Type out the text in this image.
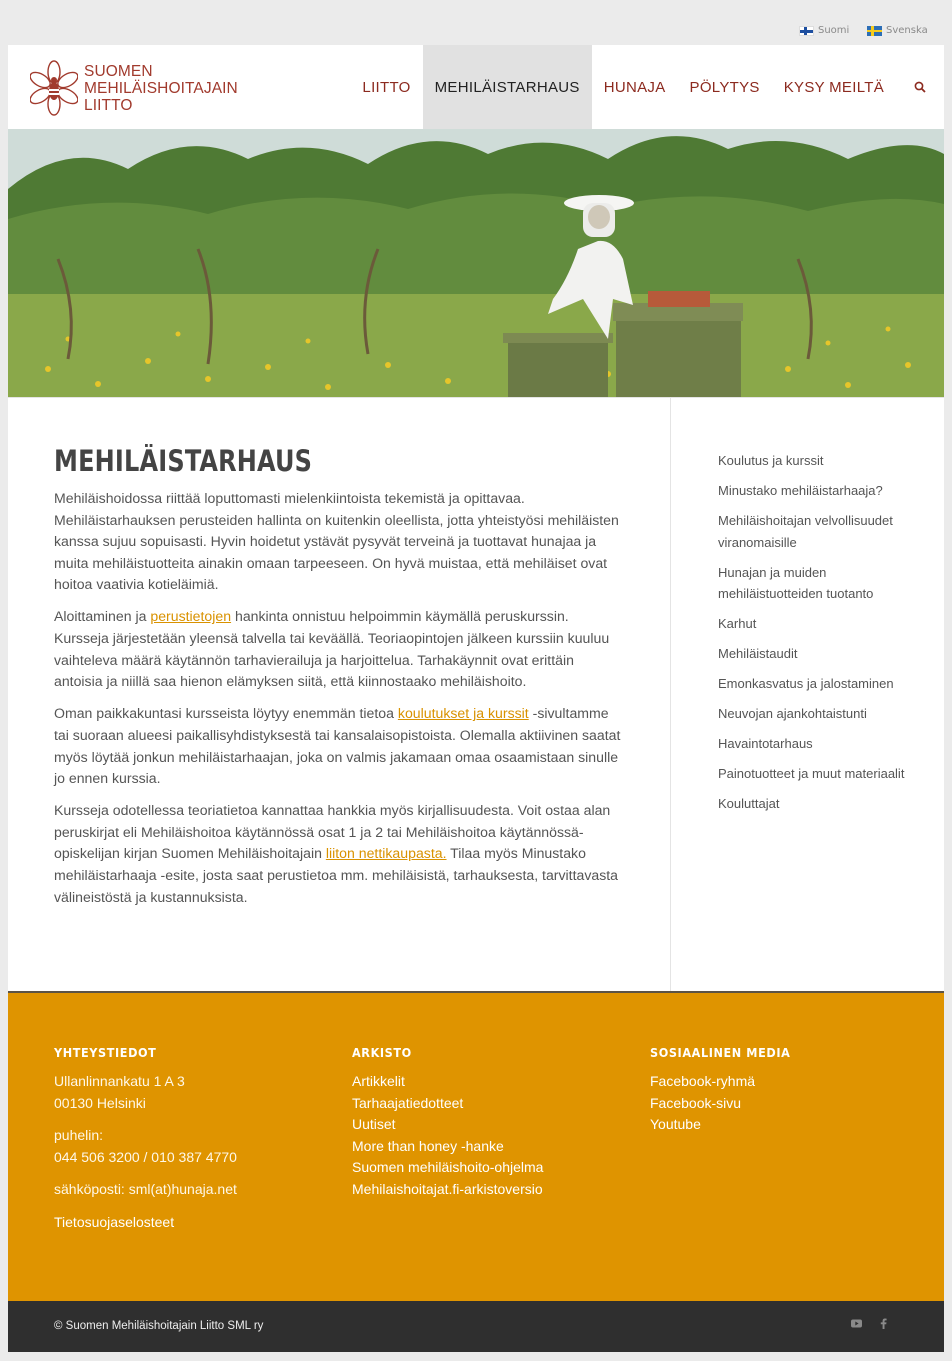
Suomi	Svenska
SUOMEN
MEHILÄISHOITAJAIN
LIITTO
LIITTO	MEHILÄISTARHAUS	HUNAJA	PÖLYTYS	KYSY MEILTÄ
MEHILÄISTARHAUS

Mehiläishoidossa riittää loputtomasti mielenkiintoista tekemistä ja opittavaa. Mehiläistarhauksen perusteiden hallinta on kuitenkin oleellista, jotta yhteistyösi mehiläisten kanssa sujuu sopuisasti. Hyvin hoidetut ystävät pysyvät terveinä ja tuottavat hunajaa ja muita mehiläistuotteita ainakin omaan tarpeeseen. On hyvä muistaa, että mehiläiset ovat hoitoa vaativia kotieläimiä.

Aloittaminen ja perustietojen hankinta onnistuu helpoimmin käymällä peruskurssin. Kursseja järjestetään yleensä talvella tai keväällä. Teoriaopintojen jälkeen kurssiin kuuluu vaihteleva määrä käytännön tarhavierailuja ja harjoittelua. Tarhakäynnit ovat erittäin antoisia ja niillä saa hienon elämyksen siitä, että kiinnostaako mehiläishoito.

Oman paikkakuntasi kursseista löytyy enemmän tietoa koulutukset ja kurssit -sivultamme tai suoraan alueesi paikallisyhdistyksestä tai kansalaisopistoista. Olemalla aktiivinen saatat myös löytää jonkun mehiläistarhaajan, joka on valmis jakamaan omaa osaamistaan sinulle jo ennen kurssia.

Kursseja odotellessa teoriatietoa kannattaa hankkia myös kirjallisuudesta. Voit ostaa alan peruskirjat eli Mehiläishoitoa käytännössä osat 1 ja 2 tai Mehiläishoitoa käytännössä-opiskelijan kirjan Suomen Mehiläishoitajain liiton nettikaupasta. Tilaa myös Minustako mehiläistarhaaja -esite, josta saat perustietoa mm. mehiläisistä, tarhauksesta, tarvittavasta välineistöstä ja kustannuksista.

Koulutus ja kurssit
Minustako mehiläistarhaaja?
Mehiläishoitajan velvollisuudet viranomaisille
Hunajan ja muiden mehiläistuotteiden tuotanto
Karhut
Mehiläistaudit
Emonkasvatus ja jalostaminen
Neuvojan ajankohtaistunti
Havaintotarhaus
Painotuotteet ja muut materiaalit
Kouluttajat
YHTEYSTIEDOT
Ullanlinnankatu 1 A 3
00130 Helsinki
puhelin:
044 506 3200 / 010 387 4770
sähköposti: sml(at)hunaja.net
Tietosuojaselosteet
ARKISTO
Artikkelit
Tarhaajatiedotteet
Uutiset
More than honey -hanke
Suomen mehiläishoito-ohjelma
Mehilaishoitajat.fi-arkistoversio
SOSIAALINEN MEDIA
Facebook-ryhmä
Facebook-sivu
Youtube
© Suomen Mehiläishoitajain Liitto SML ry
